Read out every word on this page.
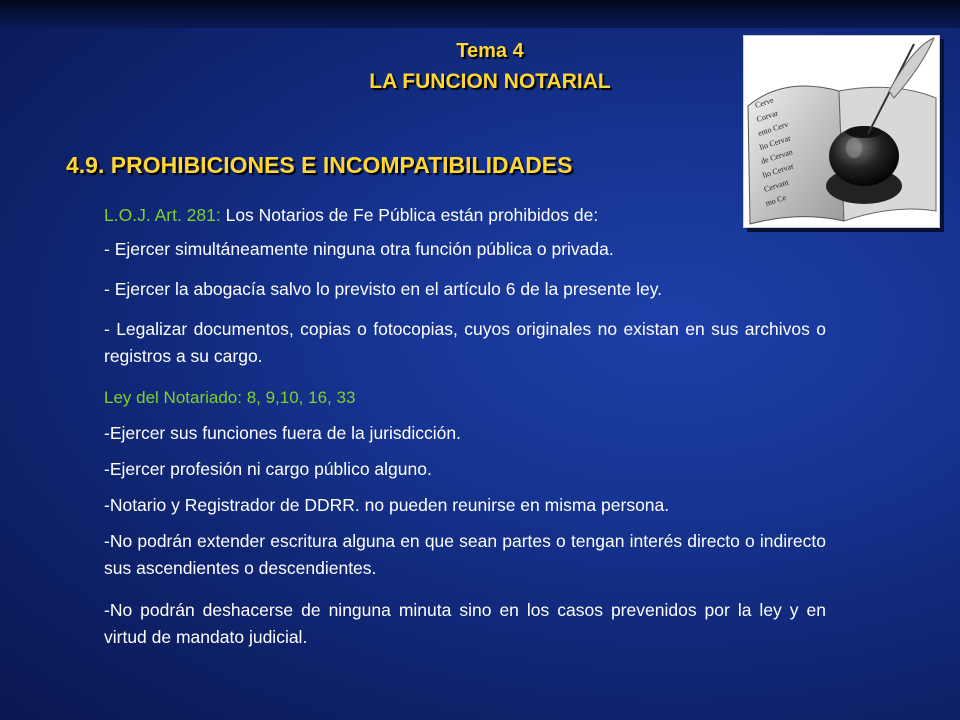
Tema 4
LA FUNCION NOTARIAL
Cerve
Corvar
ento Cerv
lio Cervar
de Cervan
lio Cervar
Cervant
mo Ce
4.9. PROHIBICIONES E INCOMPATIBILIDADES
L.O.J. Art. 281: Los Notarios de Fe Pública están prohibidos de:
- Ejercer simultáneamente ninguna otra función pública o privada.
- Ejercer la abogacía salvo lo previsto en el artículo 6 de la presente ley.
- Legalizar documentos, copias o fotocopias, cuyos originales no existan en sus archivos o registros a su cargo.
Ley del Notariado: 8, 9,10, 16, 33
-Ejercer sus funciones fuera de la jurisdicción.
-Ejercer profesión ni cargo público alguno.
-Notario y Registrador de DDRR. no pueden reunirse en misma persona.
-No podrán extender escritura alguna en que sean partes o tengan interés directo o indirecto sus ascendientes o descendientes.
-No podrán deshacerse de ninguna minuta sino en los casos prevenidos por la ley y en virtud de mandato judicial.
